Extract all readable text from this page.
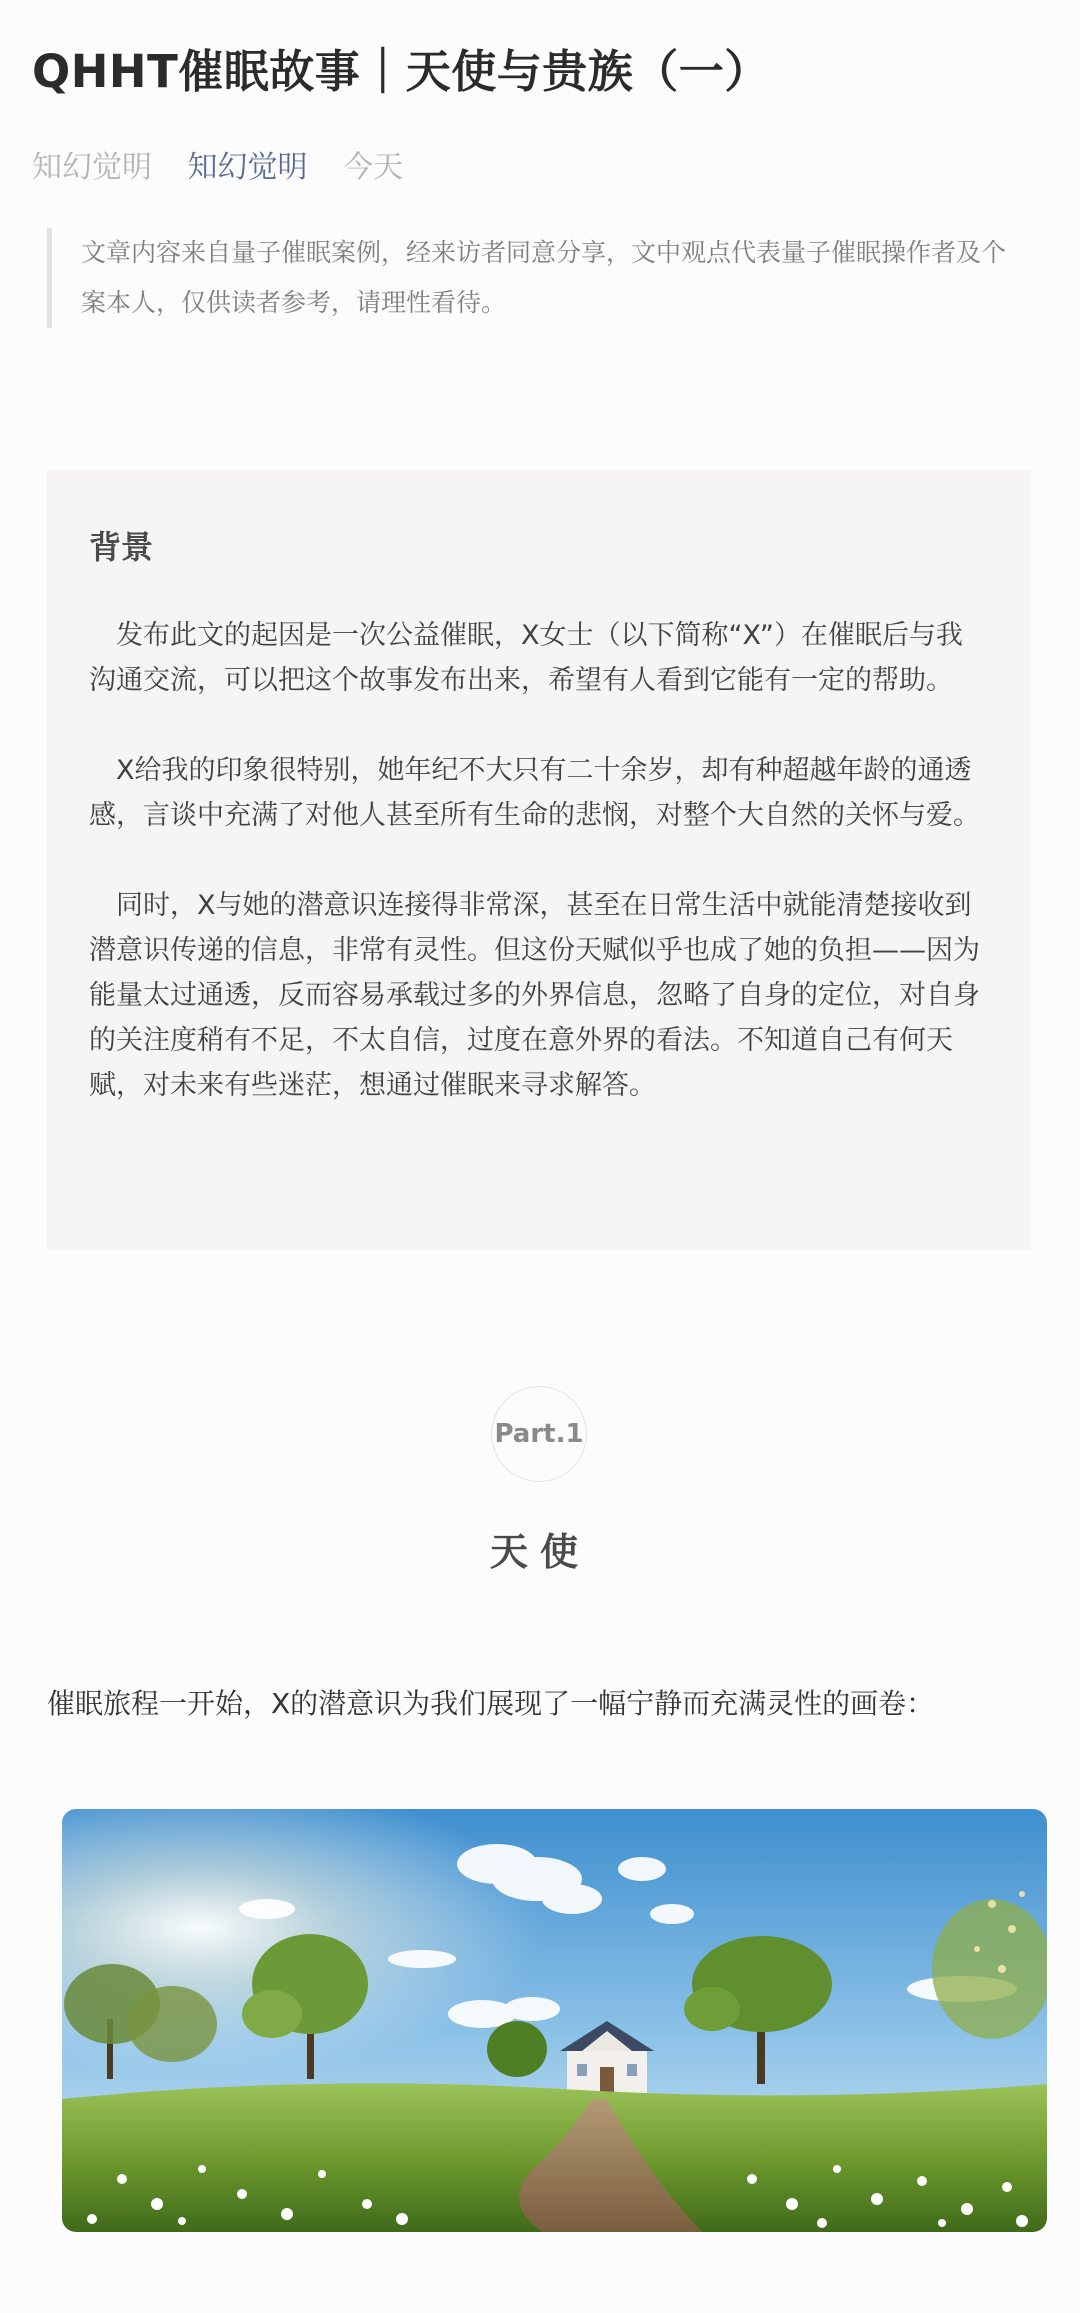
QHHT催眠故事｜天使与贵族（一）
知幻觉明 知幻觉明 今天
文章内容来自量子催眠案例，经来访者同意分享，文中观点代表量子催眠操作者及个案本人，仅供读者参考，请理性看待。
背景

发布此文的起因是一次公益催眠，X女士（以下简称“X”）在催眠后与我沟通交流，可以把这个故事发布出来，希望有人看到它能有一定的帮助。

X给我的印象很特别，她年纪不大只有二十余岁，却有种超越年龄的通透感，言谈中充满了对他人甚至所有生命的悲悯，对整个大自然的关怀与爱。

同时，X与她的潜意识连接得非常深，甚至在日常生活中就能清楚接收到潜意识传递的信息，非常有灵性。但这份天赋似乎也成了她的负担——因为能量太过通透，反而容易承载过多的外界信息，忽略了自身的定位，对自身的关注度稍有不足，不太自信，过度在意外界的看法。不知道自己有何天赋，对未来有些迷茫，想通过催眠来寻求解答。

Part.1
天使
催眠旅程一开始，X的潜意识为我们展现了一幅宁静而充满灵性的画卷：
